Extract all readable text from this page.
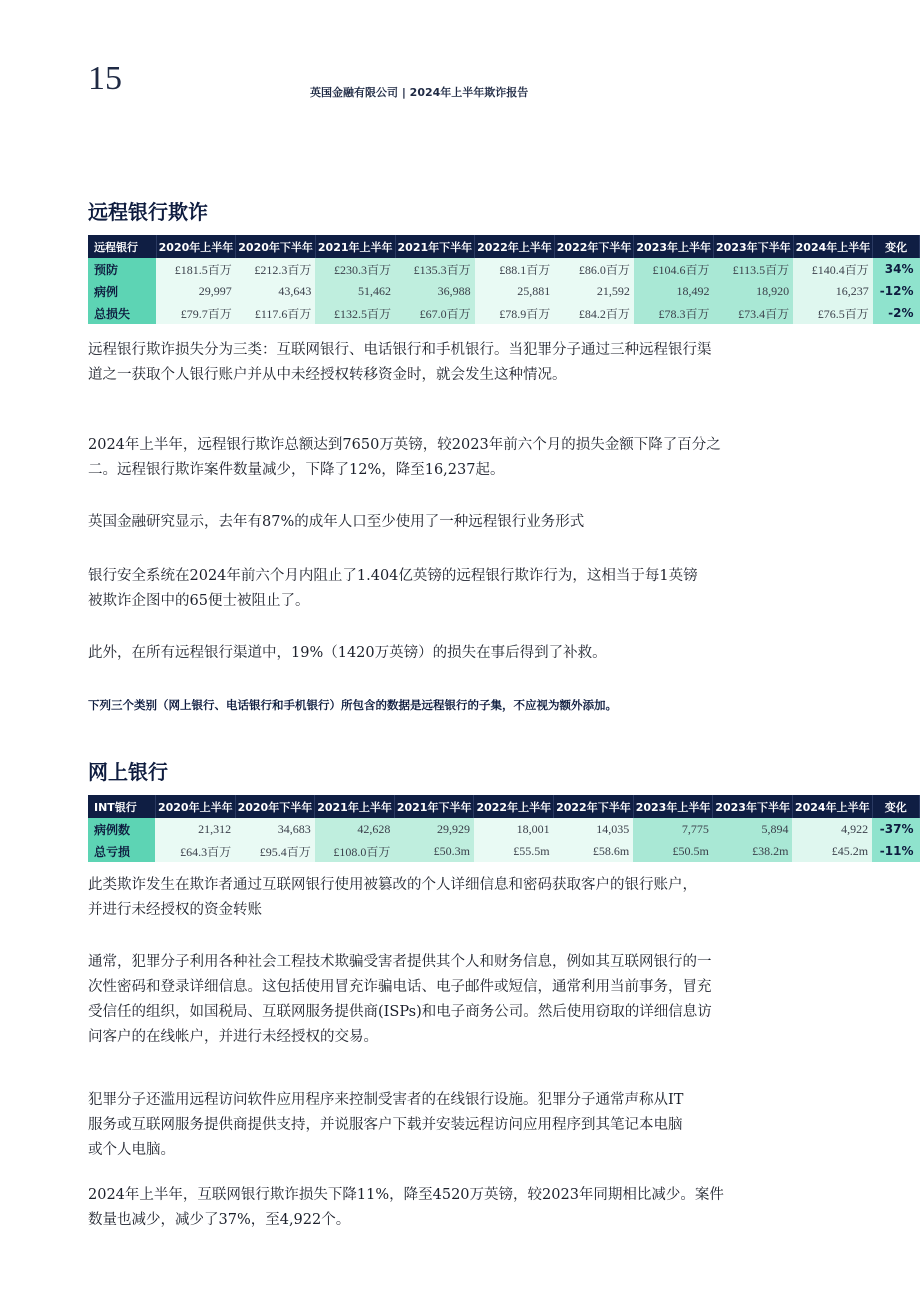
15	英国金融有限公司 | 2024年上半年欺诈报告
远程银行欺诈
远程银行	2020年上半年	2020年下半年	2021年上半年	2021年下半年	2022年上半年	2022年下半年	2023年上半年	2023年下半年	2024年上半年	变化
预防	£181.5百万	£212.3百万	£230.3百万	£135.3百万	£88.1百万	£86.0百万	£104.6百万	£113.5百万	£140.4百万	34%
病例	29,997	43,643	51,462	36,988	25,881	21,592	18,492	18,920	16,237	-12%
总损失	£79.7百万	£117.6百万	£132.5百万	£67.0百万	£78.9百万	£84.2百万	£78.3百万	£73.4百万	£76.5百万	-2%

远程银行欺诈损失分为三类：互联网银行、电话银行和手机银行。当犯罪分子通过三种远程银行渠
道之一获取个人银行账户并从中未经授权转移资金时，就会发生这种情况。

2024年上半年，远程银行欺诈总额达到7650万英镑，较2023年前六个月的损失金额下降了百分之
二。远程银行欺诈案件数量减少，下降了12%，降至16,237起。

英国金融研究显示，去年有87%的成年人口至少使用了一种远程银行业务形式

银行安全系统在2024年前六个月内阻止了1.404亿英镑的远程银行欺诈行为，这相当于每1英镑
被欺诈企图中的65便士被阻止了。

此外，在所有远程银行渠道中，19%（1420万英镑）的损失在事后得到了补救。

下列三个类别（网上银行、电话银行和手机银行）所包含的数据是远程银行的子集，不应视为额外添加。

网上银行
INT银行	2020年上半年	2020年下半年	2021年上半年	2021年下半年	2022年上半年	2022年下半年	2023年上半年	2023年下半年	2024年上半年	变化
病例数	21,312	34,683	42,628	29,929	18,001	14,035	7,775	5,894	4,922	-37%
总亏损	£64.3百万	£95.4百万	£108.0百万	£50.3m	£55.5m	£58.6m	£50.5m	£38.2m	£45.2m	-11%

此类欺诈发生在欺诈者通过互联网银行使用被篡改的个人详细信息和密码获取客户的银行账户，
并进行未经授权的资金转账

通常，犯罪分子利用各种社会工程技术欺骗受害者提供其个人和财务信息，例如其互联网银行的一
次性密码和登录详细信息。这包括使用冒充诈骗电话、电子邮件或短信，通常利用当前事务，冒充
受信任的组织，如国税局、互联网服务提供商(ISPs)和电子商务公司。然后使用窃取的详细信息访
问客户的在线帐户，并进行未经授权的交易。

犯罪分子还滥用远程访问软件应用程序来控制受害者的在线银行设施。犯罪分子通常声称从IT
服务或互联网服务提供商提供支持，并说服客户下载并安装远程访问应用程序到其笔记本电脑
或个人电脑。

2024年上半年，互联网银行欺诈损失下降11%，降至4520万英镑，较2023年同期相比减少。案件
数量也减少，减少了37%，至4,922个。
